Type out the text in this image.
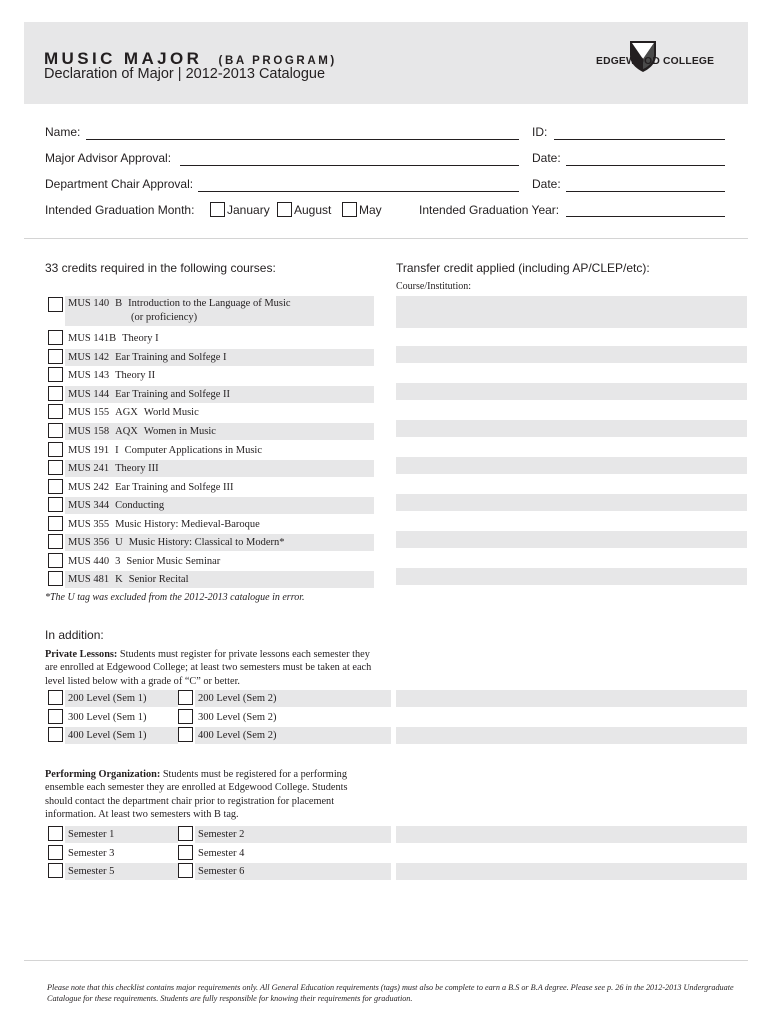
MUSIC MAJOR (BA PROGRAM)
Declaration of Major | 2012-2013 Catalogue
EDGEWOOD COLLEGE
Name:	ID:
Major Advisor Approval:	Date:
Department Chair Approval:	Date:
Intended Graduation Month:	January August May	Intended Graduation Year:
33 credits required in the following courses:	Transfer credit applied (including AP/CLEP/etc):
Course/Institution:
MUS 140 B Introduction to the Language of Music
(or proficiency)
MUS 141B Theory I
MUS 142 Ear Training and Solfege I
MUS 143 Theory II
MUS 144 Ear Training and Solfege II
MUS 155 AGX World Music
MUS 158 AQX Women in Music
MUS 191 I Computer Applications in Music
MUS 241 Theory III
MUS 242 Ear Training and Solfege III
MUS 344 Conducting
MUS 355 Music History: Medieval-Baroque
MUS 356 U Music History: Classical to Modern*
MUS 440 3 Senior Music Seminar
MUS 481 K Senior Recital
*The U tag was excluded from the 2012-2013 catalogue in error.
In addition:
Private Lessons: Students must register for private lessons each semester they are enrolled at Edgewood College; at least two semesters must be taken at each level listed below with a grade of “C” or better.
200 Level (Sem 1)	200 Level (Sem 2)
300 Level (Sem 1)	300 Level (Sem 2)
400 Level (Sem 1)	400 Level (Sem 2)
Performing Organization: Students must be registered for a performing ensemble each semester they are enrolled at Edgewood College. Students should contact the department chair prior to registration for placement information. At least two semesters with B tag.
Semester 1	Semester 2
Semester 3	Semester 4
Semester 5	Semester 6
Please note that this checklist contains major requirements only. All General Education requirements (tags) must also be complete to earn a B.S or B.A degree. Please see p. 26 in the 2012-2013 Undergraduate Catalogue for these requirements. Students are fully responsible for knowing their requirements for graduation.
